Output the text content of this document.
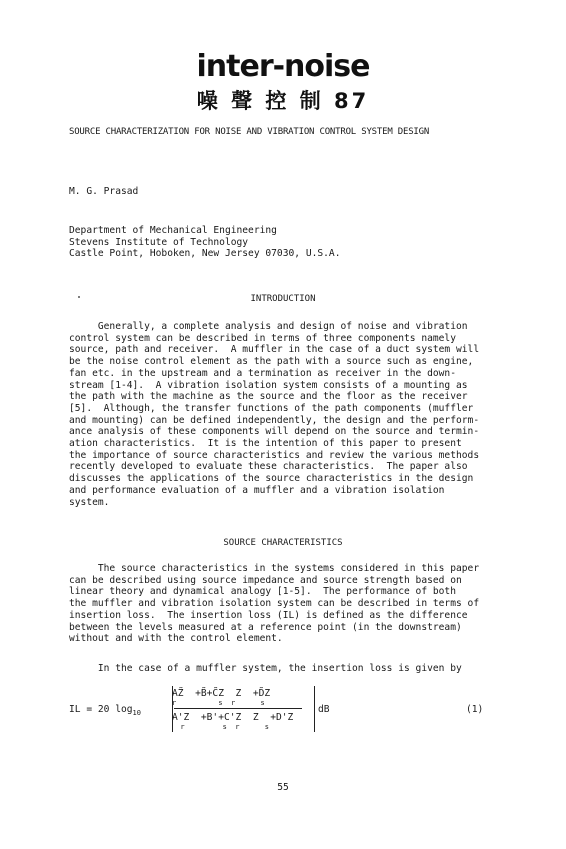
inter-noise
噪 聲 控 制 87
SOURCE CHARACTERIZATION FOR NOISE AND VIBRATION CONTROL SYSTEM DESIGN
M. G. Prasad
Department of Mechanical Engineering
Stevens Institute of Technology
Castle Point, Hoboken, New Jersey 07030, U.S.A.
INTRODUCTION
Generally, a complete analysis and design of noise and vibration
control system can be described in terms of three components namely
source, path and receiver.  A muffler in the case of a duct system will
be the noise control element as the path with a source such as engine,
fan etc. in the upstream and a termination as receiver in the down-
stream [1-4].  A vibration isolation system consists of a mounting as
the path with the machine as the source and the floor as the receiver
[5].  Although, the transfer functions of the path components (muffler
and mounting) can be defined independently, the design and the perform-
ance analysis of these components will depend on the source and termin-
ation characteristics.  It is the intention of this paper to present
the importance of source characteristics and review the various methods
recently developed to evaluate these characteristics.  The paper also
discusses the applications of the source characteristics in the design
and performance evaluation of a muffler and a vibration isolation
system.
SOURCE CHARACTERISTICS
The source characteristics in the systems considered in this paper
can be described using source impedance and source strength based on
linear theory and dynamical analogy [1-5].  The performance of both
the muffler and vibration isolation system can be described in terms of
insertion loss.  The insertion loss (IL) is defined as the difference
between the levels measured at a reference point (in the downstream)
without and with the control element.
In the case of a muffler system, the insertion loss is given by
IL = 20 $\log_{10}$
AZ̃  +B̃+C̃Z  Z  +D̃Z
r          s  r      s
A'Z  +B'+C'Z  Z  +D'Z
r         s  r      s
dB	(1)
55
